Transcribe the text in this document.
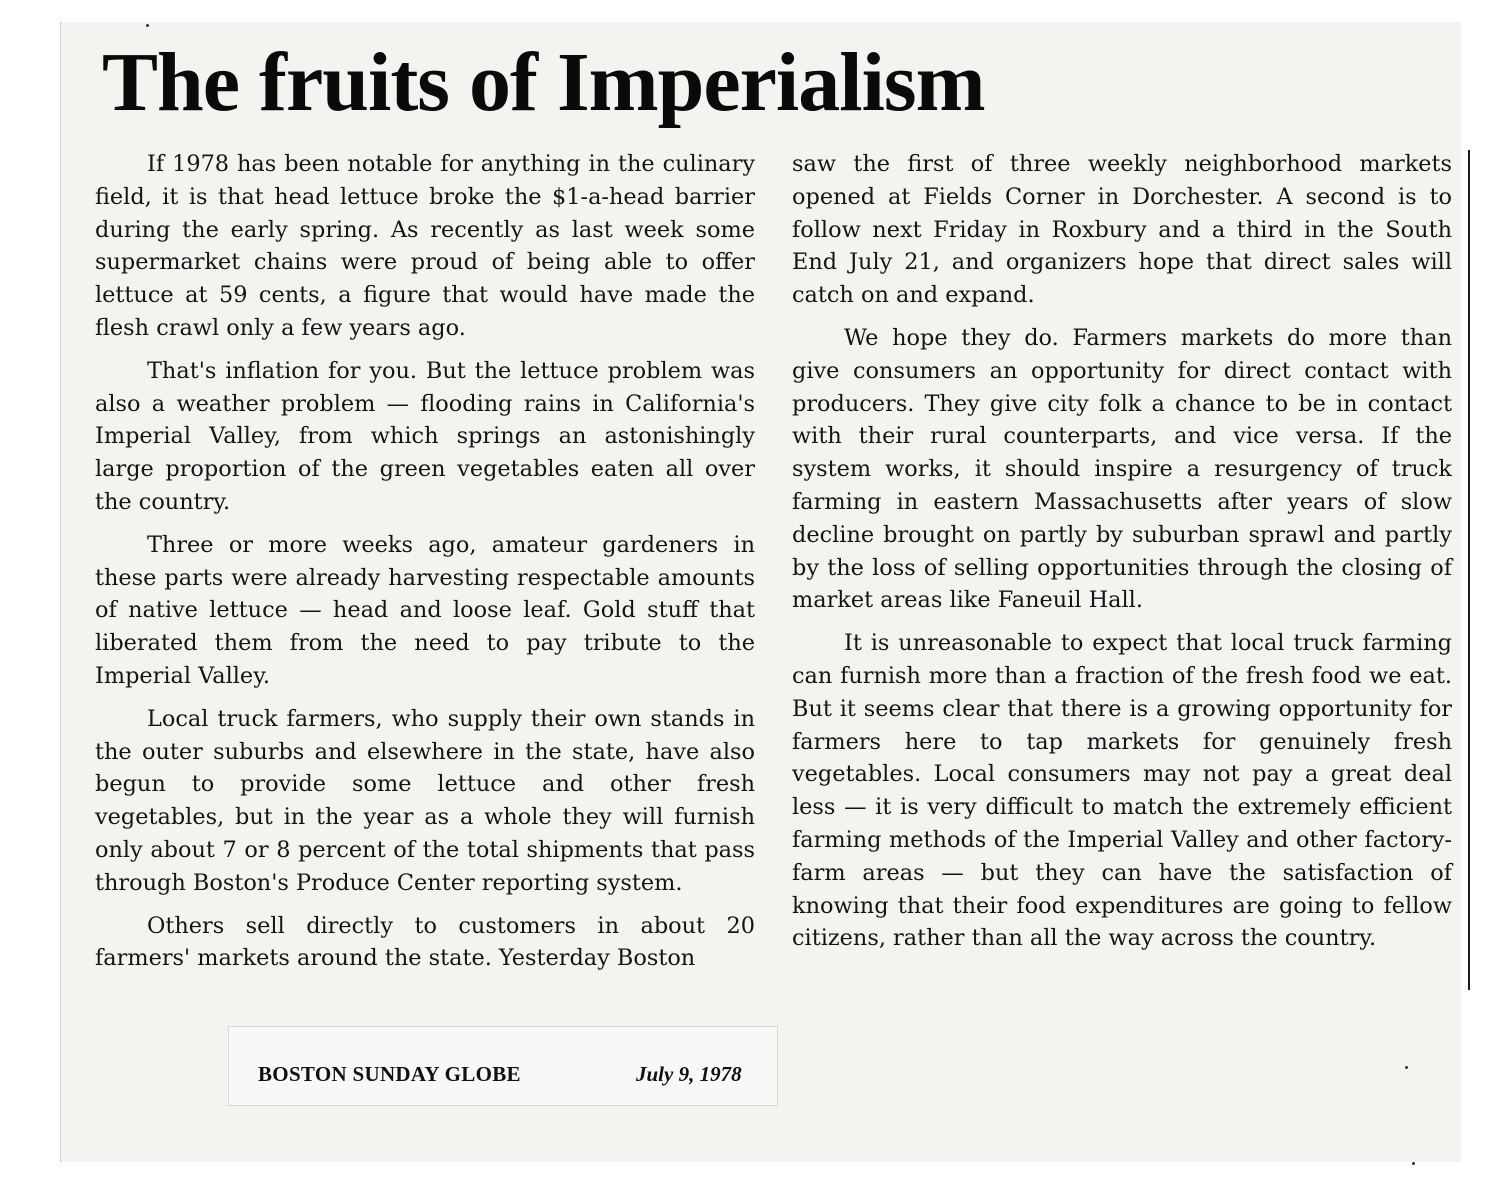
The fruits of Imperialism

If 1978 has been notable for anything in the culinary field, it is that head lettuce broke the $1-a-head barrier during the early spring. As recently as last week some supermarket chains were proud of being able to offer lettuce at 59 cents, a figure that would have made the flesh crawl only a few years ago.

That's inflation for you. But the lettuce problem was also a weather problem — flooding rains in California's Imperial Valley, from which springs an astonishingly large proportion of the green vegetables eaten all over the country.

Three or more weeks ago, amateur gardeners in these parts were already harvesting respectable amounts of native lettuce — head and loose leaf. Gold stuff that liberated them from the need to pay tribute to the Imperial Valley.

Local truck farmers, who supply their own stands in the outer suburbs and elsewhere in the state, have also begun to provide some lettuce and other fresh vegetables, but in the year as a whole they will furnish only about 7 or 8 percent of the total shipments that pass through Boston's Produce Center reporting system.

Others sell directly to customers in about 20 farmers' markets around the state. Yesterday Boston

saw the first of three weekly neighborhood markets opened at Fields Corner in Dorchester. A second is to follow next Friday in Roxbury and a third in the South End July 21, and organizers hope that direct sales will catch on and expand.

We hope they do. Farmers markets do more than give consumers an opportunity for direct contact with producers. They give city folk a chance to be in contact with their rural counterparts, and vice versa. If the system works, it should inspire a resurgency of truck farming in eastern Massachusetts after years of slow decline brought on partly by suburban sprawl and partly by the loss of selling opportunities through the closing of market areas like Faneuil Hall.

It is unreasonable to expect that local truck farming can furnish more than a fraction of the fresh food we eat. But it seems clear that there is a growing opportunity for farmers here to tap markets for genuinely fresh vegetables. Local consumers may not pay a great deal less — it is very difficult to match the extremely efficient farming methods of the Imperial Valley and other factory-farm areas — but they can have the satisfaction of knowing that their food expenditures are going to fellow citizens, rather than all the way across the country.

BOSTON SUNDAY GLOBE	July 9, 1978
